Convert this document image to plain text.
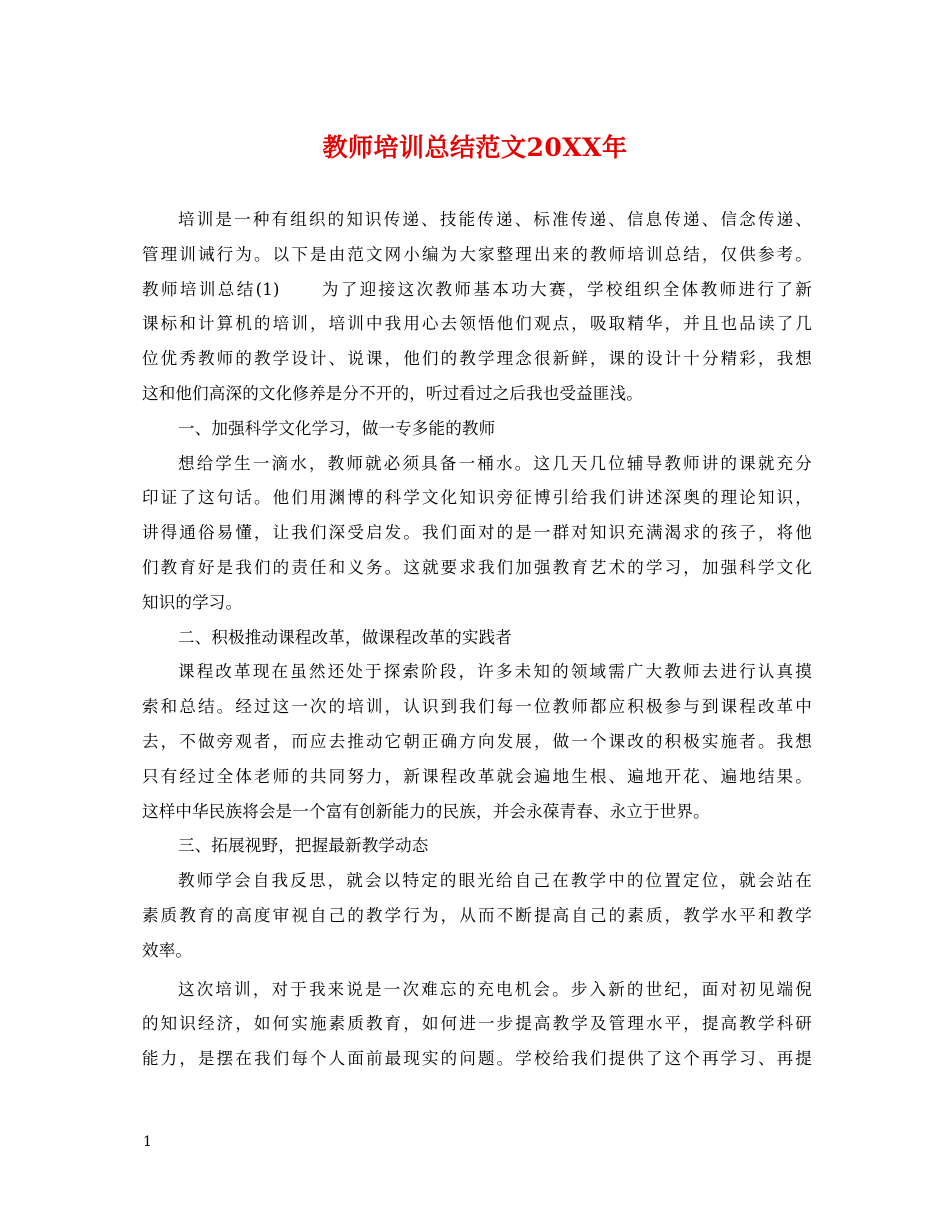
教师培训总结范文20XX年
培训是一种有组织的知识传递、技能传递、标准传递、信息传递、信念传递、
管理训诫行为。以下是由范文网小编为大家整理出来的教师培训总结，仅供参考。
教师培训总结(1) 为了迎接这次教师基本功大赛，学校组织全体教师进行了新
课标和计算机的培训，培训中我用心去领悟他们观点，吸取精华，并且也品读了几
位优秀教师的教学设计、说课，他们的教学理念很新鲜，课的设计十分精彩，我想
这和他们高深的文化修养是分不开的，听过看过之后我也受益匪浅。
一、加强科学文化学习，做一专多能的教师
想给学生一滴水，教师就必须具备一桶水。这几天几位辅导教师讲的课就充分
印证了这句话。他们用渊博的科学文化知识旁征博引给我们讲述深奥的理论知识，
讲得通俗易懂，让我们深受启发。我们面对的是一群对知识充满渴求的孩子，将他
们教育好是我们的责任和义务。这就要求我们加强教育艺术的学习，加强科学文化
知识的学习。
二、积极推动课程改革，做课程改革的实践者
课程改革现在虽然还处于探索阶段，许多未知的领域需广大教师去进行认真摸
索和总结。经过这一次的培训，认识到我们每一位教师都应积极参与到课程改革中
去，不做旁观者，而应去推动它朝正确方向发展，做一个课改的积极实施者。我想
只有经过全体老师的共同努力，新课程改革就会遍地生根、遍地开花、遍地结果。
这样中华民族将会是一个富有创新能力的民族，并会永葆青春、永立于世界。
三、拓展视野，把握最新教学动态
教师学会自我反思，就会以特定的眼光给自己在教学中的位置定位，就会站在
素质教育的高度审视自己的教学行为，从而不断提高自己的素质，教学水平和教学
效率。
这次培训，对于我来说是一次难忘的充电机会。步入新的世纪，面对初见端倪
的知识经济，如何实施素质教育，如何进一步提高教学及管理水平，提高教学科研
能力，是摆在我们每个人面前最现实的问题。学校给我们提供了这个再学习、再提
1
